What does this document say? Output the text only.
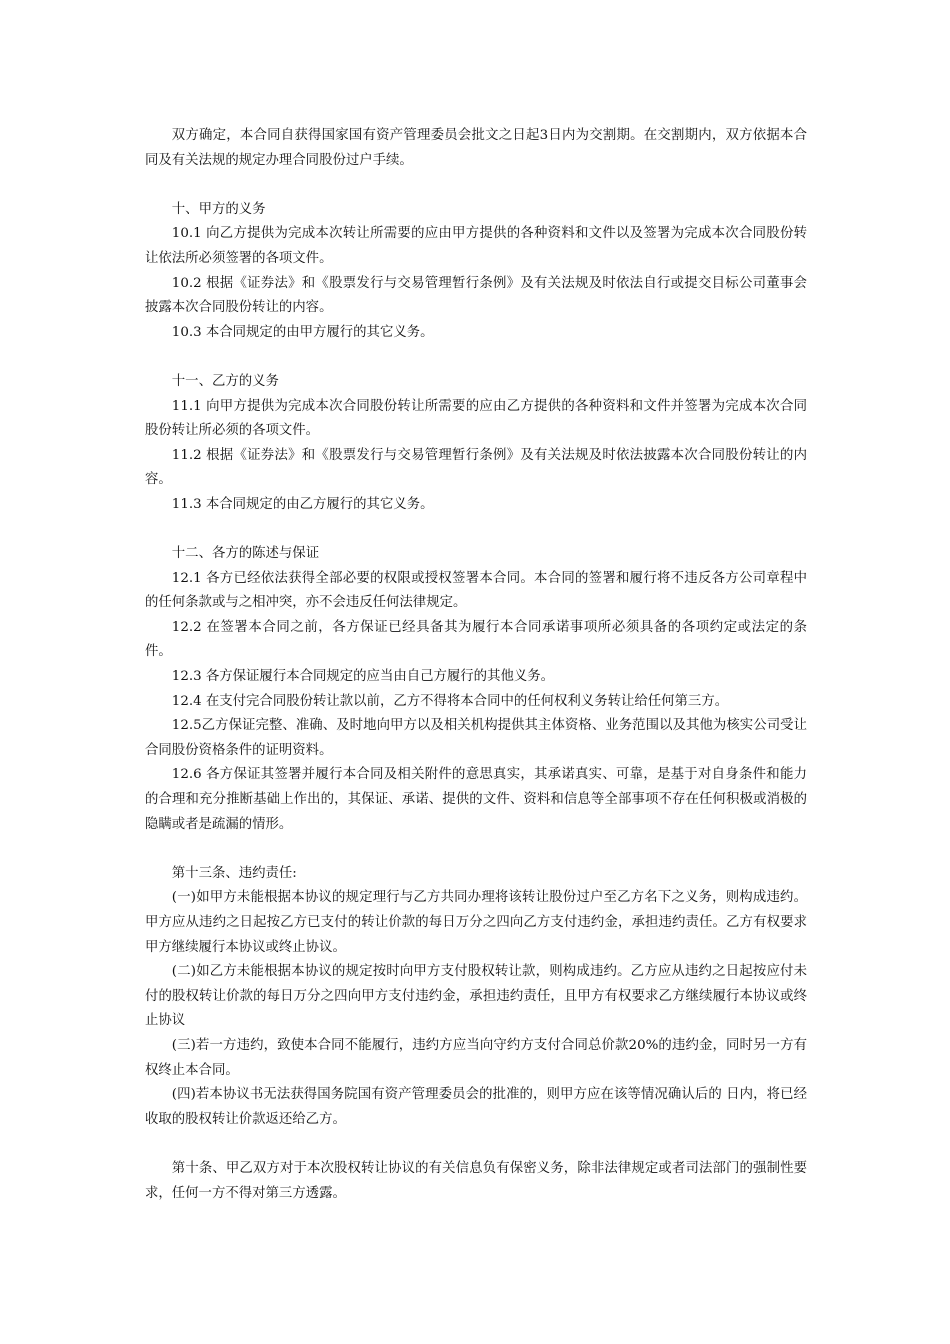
双方确定，本合同自获得国家国有资产管理委员会批文之日起3日内为交割期。在交割期内，双方依据本合同及有关法规的规定办理合同股份过户手续。

十、甲方的义务

10.1 向乙方提供为完成本次转让所需要的应由甲方提供的各种资料和文件以及签署为完成本次合同股份转让依法所必须签署的各项文件。

10.2 根据《证券法》和《股票发行与交易管理暂行条例》及有关法规及时依法自行或提交目标公司董事会披露本次合同股份转让的内容。

10.3 本合同规定的由甲方履行的其它义务。

十一、乙方的义务

11.1 向甲方提供为完成本次合同股份转让所需要的应由乙方提供的各种资料和文件并签署为完成本次合同股份转让所必须的各项文件。

11.2 根据《证券法》和《股票发行与交易管理暂行条例》及有关法规及时依法披露本次合同股份转让的内容。

11.3 本合同规定的由乙方履行的其它义务。

十二、各方的陈述与保证

12.1 各方已经依法获得全部必要的权限或授权签署本合同。本合同的签署和履行将不违反各方公司章程中的任何条款或与之相冲突，亦不会违反任何法律规定。

12.2 在签署本合同之前，各方保证已经具备其为履行本合同承诺事项所必须具备的各项约定或法定的条件。

12.3 各方保证履行本合同规定的应当由自己方履行的其他义务。

12.4 在支付完合同股份转让款以前，乙方不得将本合同中的任何权利义务转让给任何第三方。

12.5乙方保证完整、准确、及时地向甲方以及相关机构提供其主体资格、业务范围以及其他为核实公司受让合同股份资格条件的证明资料。

12.6 各方保证其签署并履行本合同及相关附件的意思真实，其承诺真实、可靠，是基于对自身条件和能力的合理和充分推断基础上作出的，其保证、承诺、提供的文件、资料和信息等全部事项不存在任何积极或消极的隐瞒或者是疏漏的情形。

第十三条、违约责任:

(一)如甲方未能根据本协议的规定理行与乙方共同办理将该转让股份过户至乙方名下之义务，则构成违约。甲方应从违约之日起按乙方已支付的转让价款的每日万分之四向乙方支付违约金，承担违约责任。乙方有权要求甲方继续履行本协议或终止协议。

(二)如乙方未能根据本协议的规定按时向甲方支付股权转让款，则构成违约。乙方应从违约之日起按应付未付的股权转让价款的每日万分之四向甲方支付违约金，承担违约责任，且甲方有权要求乙方继续履行本协议或终止协议

(三)若一方违约，致使本合同不能履行，违约方应当向守约方支付合同总价款20%的违约金，同时另一方有权终止本合同。

(四)若本协议书无法获得国务院国有资产管理委员会的批准的，则甲方应在该等情况确认后的 日内，将已经收取的股权转让价款返还给乙方。

第十条、甲乙双方对于本次股权转让协议的有关信息负有保密义务，除非法律规定或者司法部门的强制性要求，任何一方不得对第三方透露。
